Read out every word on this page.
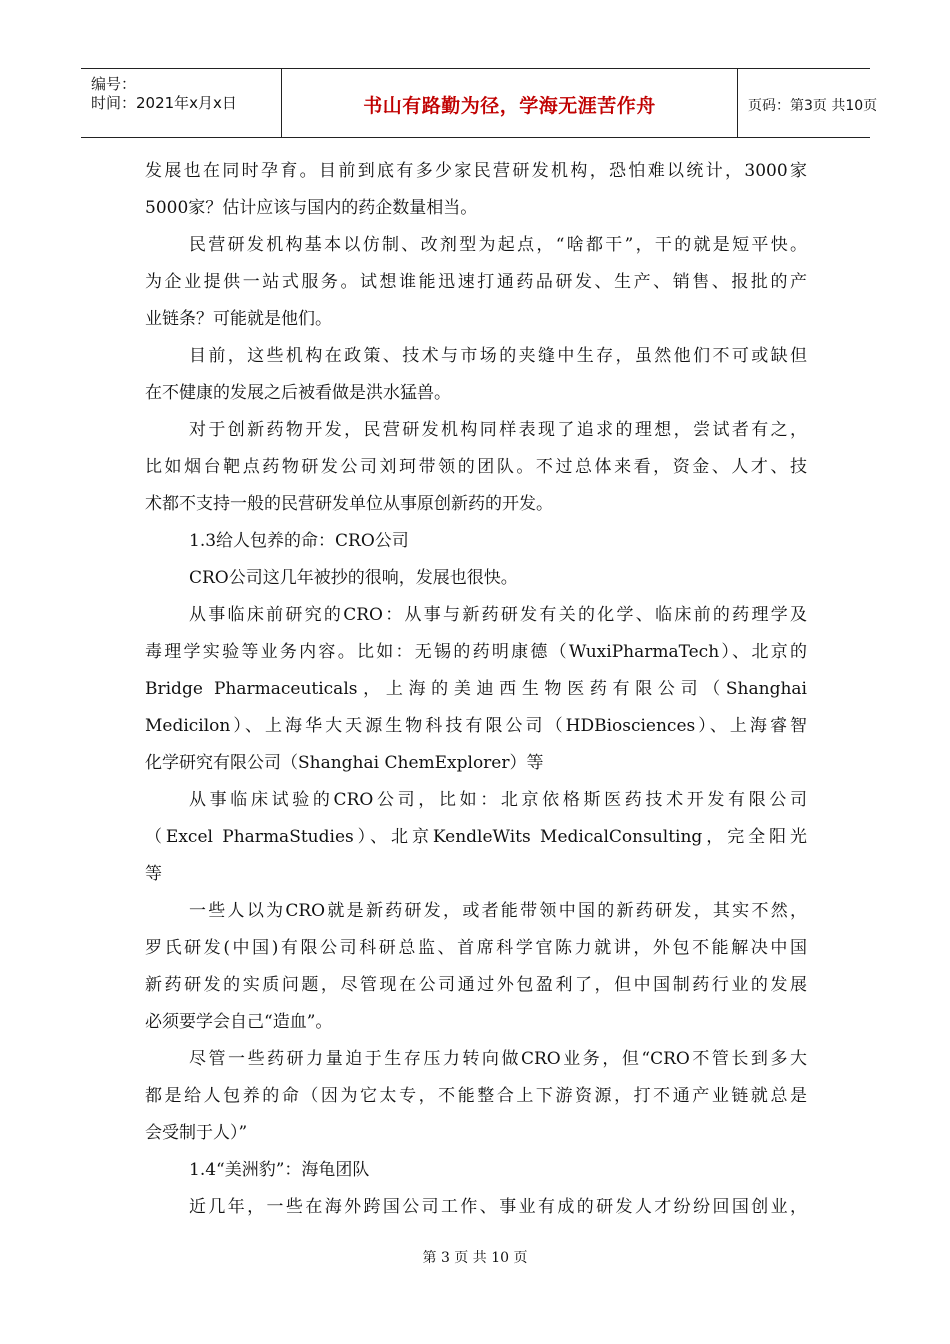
编号：
时间：2021年x月x日	书山有路勤为径，学海无涯苦作舟	页码：第3页 共10页
发展也在同时孕育。目前到底有多少家民营研发机构，恐怕难以统计，3000家
5000家？估计应该与国内的药企数量相当。
民营研发机构基本以仿制、改剂型为起点，“啥都干”，干的就是短平快。
为企业提供一站式服务。试想谁能迅速打通药品研发、生产、销售、报批的产
业链条？可能就是他们。
目前，这些机构在政策、技术与市场的夹缝中生存，虽然他们不可或缺但
在不健康的发展之后被看做是洪水猛兽。
对于创新药物开发，民营研发机构同样表现了追求的理想，尝试者有之，
比如烟台靶点药物研发公司刘珂带领的团队。不过总体来看，资金、人才、技
术都不支持一般的民营研发单位从事原创新药的开发。
1.3给人包养的命：CRO公司
CRO公司这几年被抄的很响，发展也很快。
从事临床前研究的CRO：从事与新药研发有关的化学、临床前的药理学及
毒理学实验等业务内容。比如：无锡的药明康德（WuxiPharmaTech）、北京的
Bridge Pharmaceuticals，上海的美迪西生物医药有限公司（Shanghai
Medicilon）、上海华大天源生物科技有限公司（HDBiosciences）、上海睿智
化学研究有限公司（Shanghai ChemExplorer）等
从事临床试验的CRO公司，比如：北京依格斯医药技术开发有限公司
（Excel PharmaStudies）、北京KendleWits MedicalConsulting，完全阳光
等
一些人以为CRO就是新药研发，或者能带领中国的新药研发，其实不然，
罗氏研发(中国)有限公司科研总监、首席科学官陈力就讲，外包不能解决中国
新药研发的实质问题，尽管现在公司通过外包盈利了，但中国制药行业的发展
必须要学会自己“造血”。
尽管一些药研力量迫于生存压力转向做CRO业务，但“CRO不管长到多大
都是给人包养的命（因为它太专，不能整合上下游资源，打不通产业链就总是
会受制于人）”
1.4“美洲豹”：海龟团队
近几年，一些在海外跨国公司工作、事业有成的研发人才纷纷回国创业，
第 3 页 共 10 页
